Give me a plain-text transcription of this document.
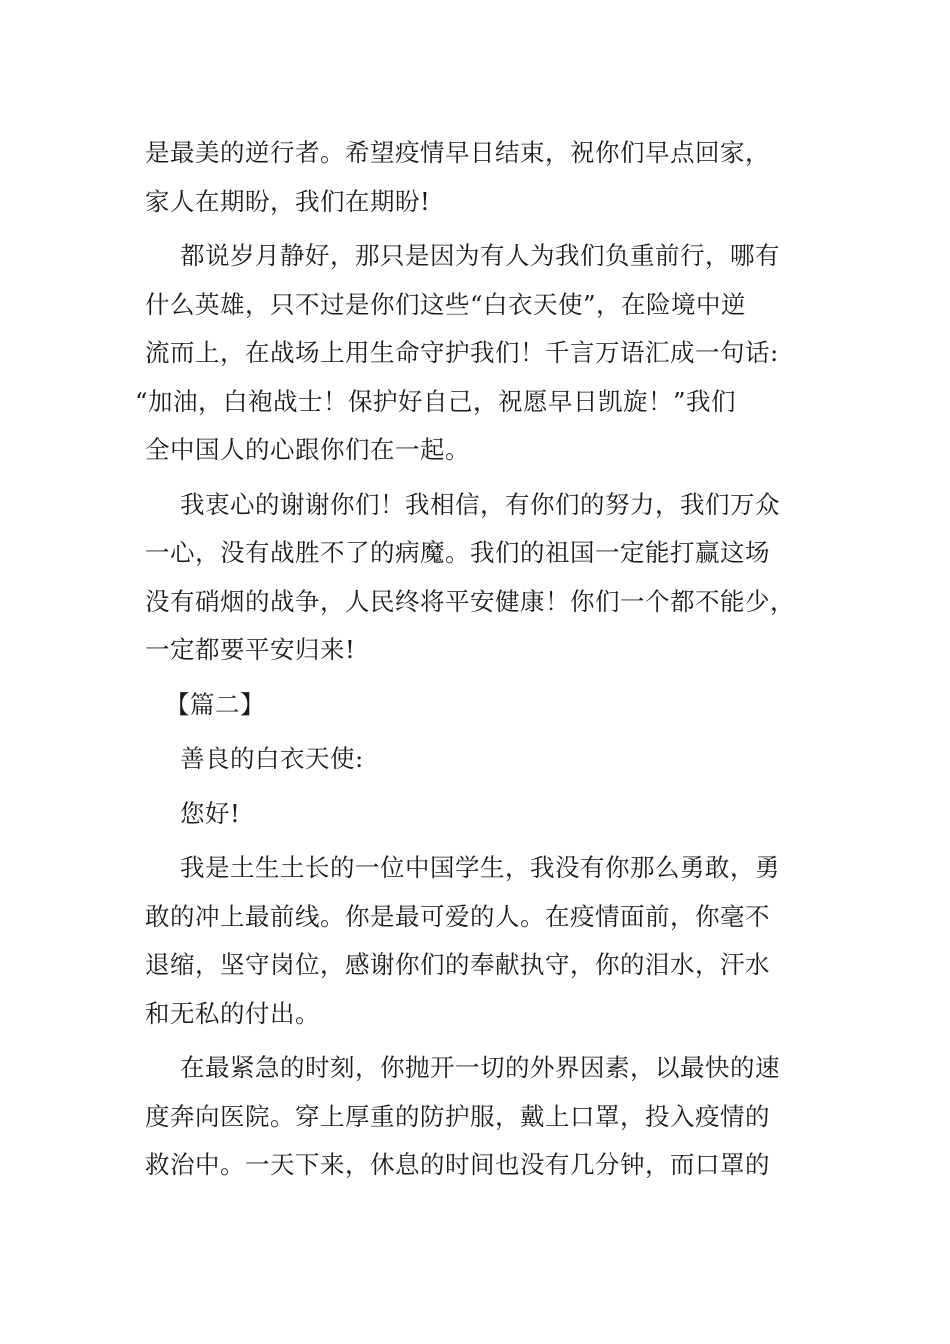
是最美的逆行者。希望疫情早日结束，祝你们早点回家，
家人在期盼，我们在期盼!

都说岁月静好，那只是因为有人为我们负重前行，哪有
什么英雄，只不过是你们这些“白衣天使”，在险境中逆
流而上，在战场上用生命守护我们！千言万语汇成一句话:
“加油，白袍战士！保护好自己，祝愿早日凯旋！”我们
全中国人的心跟你们在一起。

我衷心的谢谢你们！我相信，有你们的努力，我们万众
一心，没有战胜不了的病魔。我们的祖国一定能打赢这场
没有硝烟的战争，人民终将平安健康！你们一个都不能少，
一定都要平安归来!

【篇二】

善良的白衣天使:

您好!

我是土生土长的一位中国学生，我没有你那么勇敢，勇
敢的冲上最前线。你是最可爱的人。在疫情面前，你毫不
退缩，坚守岗位，感谢你们的奉献执守，你的泪水，汗水
和无私的付出。

在最紧急的时刻，你抛开一切的外界因素，以最快的速
度奔向医院。穿上厚重的防护服，戴上口罩，投入疫情的
救治中。一天下来，休息的时间也没有几分钟，而口罩的
